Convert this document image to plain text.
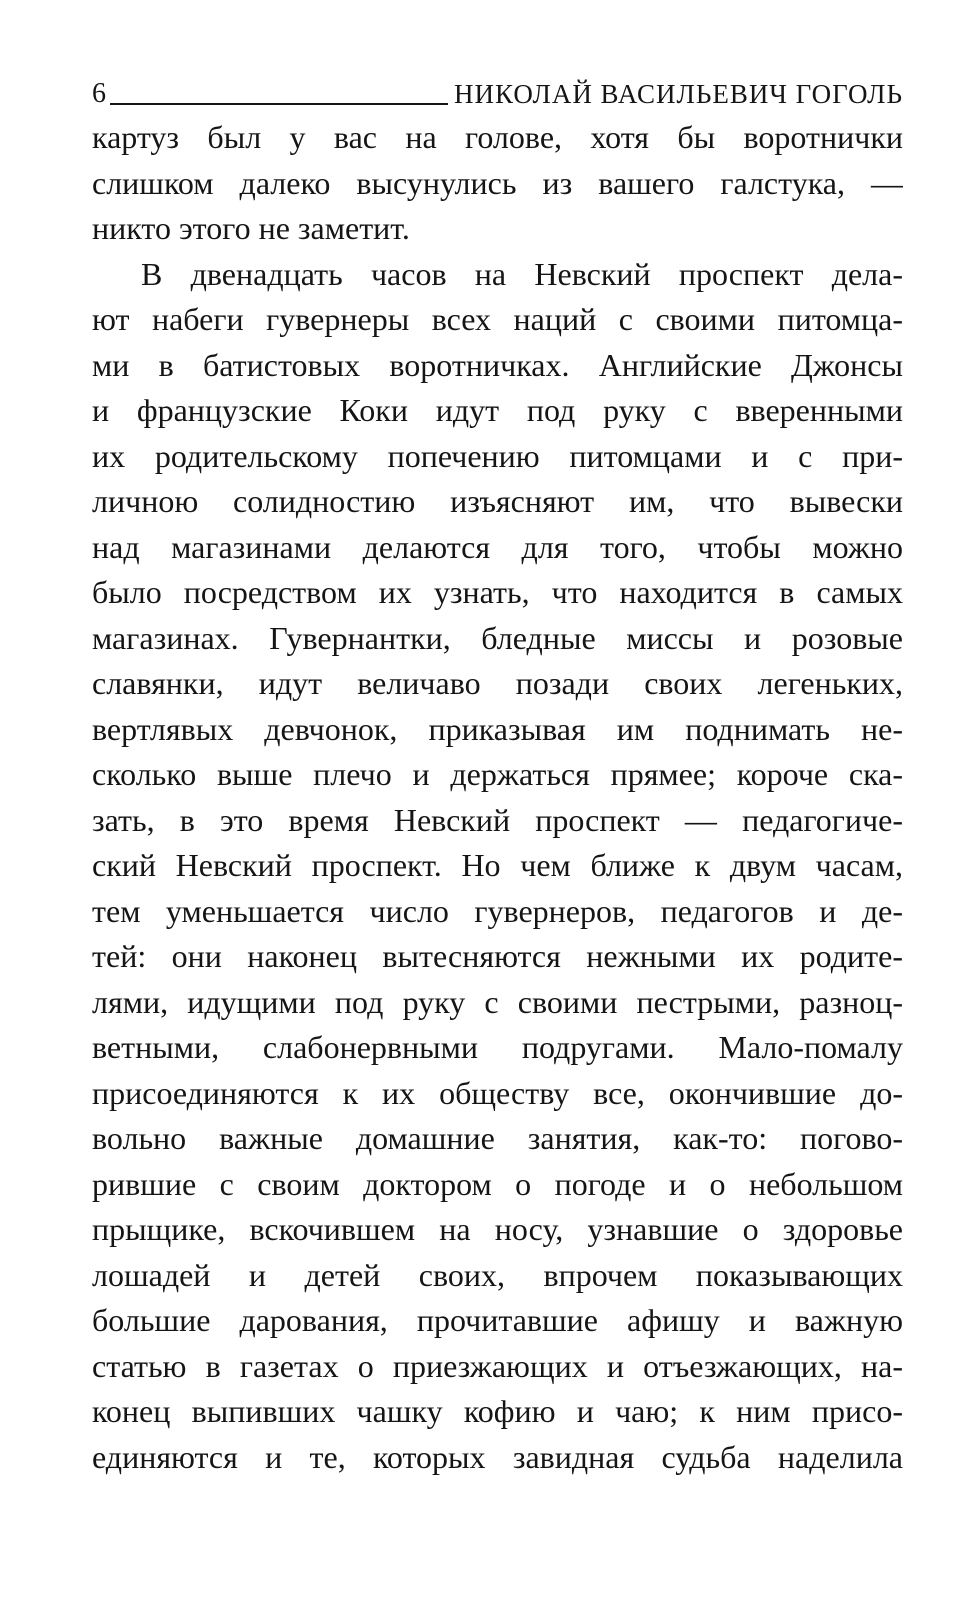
6	НИКОЛАЙ ВАСИЛЬЕВИЧ ГОГОЛЬ
картуз был у вас на голове, хотя бы воротнички
слишком далеко высунулись из вашего галстука, —
никто этого не заметит.
В двенадцать часов на Невский проспект дела-
ют набеги гувернеры всех наций с своими питомца-
ми в батистовых воротничках. Английские Джонсы
и французские Коки идут под руку с вверенными
их родительскому попечению питомцами и с при-
личною солидностию изъясняют им, что вывески
над магазинами делаются для того, чтобы можно
было посредством их узнать, что находится в самых
магазинах. Гувернантки, бледные миссы и розовые
славянки, идут величаво позади своих легеньких,
вертлявых девчонок, приказывая им поднимать не-
сколько выше плечо и держаться прямее; короче ска-
зать, в это время Невский проспект — педагогиче-
ский Невский проспект. Но чем ближе к двум часам,
тем уменьшается число гувернеров, педагогов и де-
тей: они наконец вытесняются нежными их родите-
лями, идущими под руку с своими пестрыми, разноц-
ветными, слабонервными подругами. Мало-помалу
присоединяются к их обществу все, окончившие до-
вольно важные домашние занятия, как-то: погово-
рившие с своим доктором о погоде и о небольшом
прыщике, вскочившем на носу, узнавшие о здоровье
лошадей и детей своих, впрочем показывающих
большие дарования, прочитавшие афишу и важную
статью в газетах о приезжающих и отъезжающих, на-
конец выпивших чашку кофию и чаю; к ним присо-
единяются и те, которых завидная судьба наделила
